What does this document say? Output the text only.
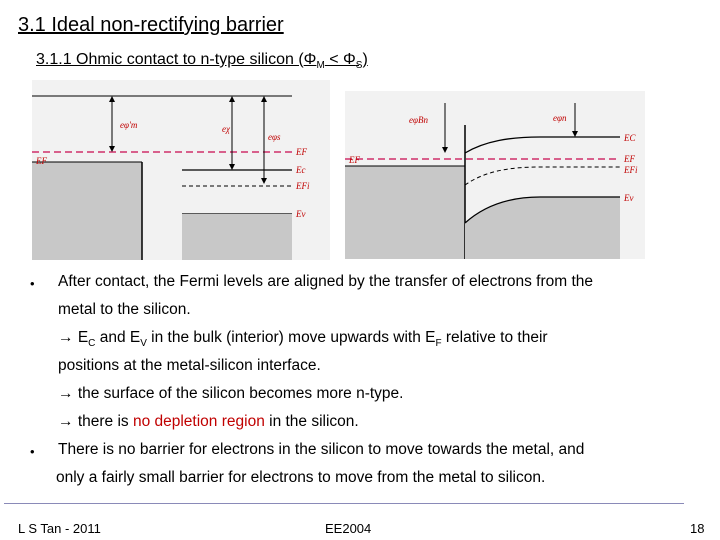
3.1 Ideal non-rectifying barrier
3.1.1 Ohmic contact to n-type silicon $(\Phi_M < \Phi_S)$
eφ'm	eχ
eφs
EF
Ec
EF
EFi
Ev
eφBn	eφn
EF
EC
EF
EFi
Ev
• After contact, the Fermi levels are aligned by the transfer of electrons from the
metal to the silicon.
→ $E_C$ and $E_V$ in the bulk (interior) move upwards with $E_F$ relative to their
positions at the metal-silicon interface.
→ the surface of the silicon becomes more n-type.
→ there is no depletion region in the silicon.
• There is no barrier for electrons in the silicon to move towards the metal, and
only a fairly small barrier for electrons to move from the metal to silicon.
L S Tan - 2011	EE2004	18
